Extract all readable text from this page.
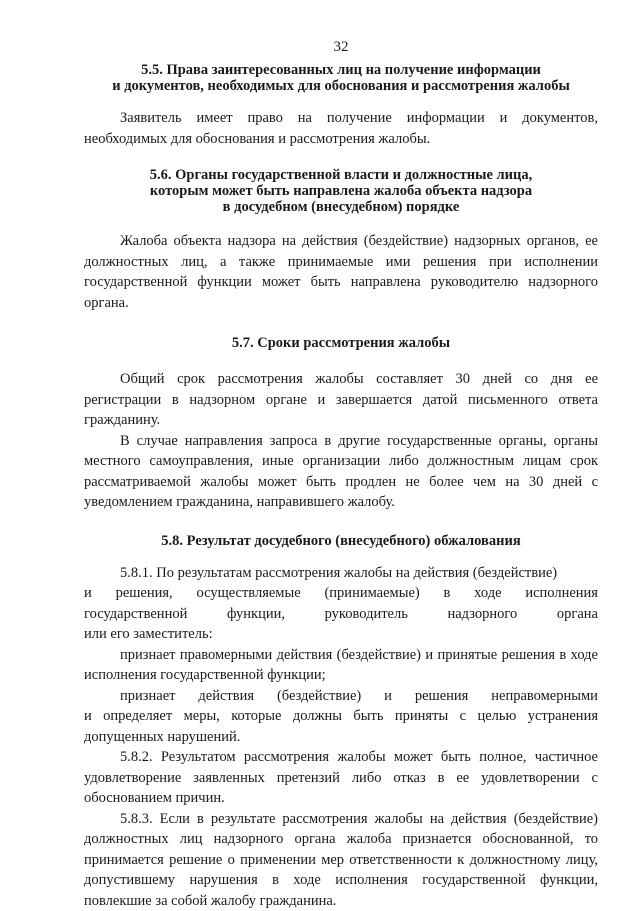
32
5.5. Права заинтересованных лиц на получение информации
и документов, необходимых для обоснования и рассмотрения жалобы

Заявитель имеет право на получение информации и документов, необходимых для обоснования и рассмотрения жалобы.

5.6. Органы государственной власти и должностные лица,
которым может быть направлена жалоба объекта надзора
в досудебном (внесудебном) порядке

Жалоба объекта надзора на действия (бездействие) надзорных органов, ее должностных лиц, а также принимаемые ими решения при исполнении государственной функции может быть направлена руководителю надзорного органа.

5.7. Сроки рассмотрения жалобы

Общий срок рассмотрения жалобы составляет 30 дней со дня ее регистрации в надзорном органе и завершается датой письменного ответа гражданину.

В случае направления запроса в другие государственные органы, органы местного самоуправления, иные организации либо должностным лицам срок рассматриваемой жалобы может быть продлен не более чем на 30 дней с уведомлением гражданина, направившего жалобу.

5.8. Результат досудебного (внесудебного) обжалования

5.8.1. По результатам рассмотрения жалобы на действия (бездействие)

и решения, осуществляемые (принимаемые) в ходе исполнения
государственной	функции,	руководитель	надзорного	органа

или его заместитель:

признает правомерными действия (бездействие) и принятые решения в ходе исполнения государственной функции;

признает действия (бездействие) и решения неправомерными

и определяет меры, которые должны быть приняты с целью устранения допущенных нарушений.

5.8.2. Результатом рассмотрения жалобы может быть полное, частичное удовлетворение заявленных претензий либо отказ в ее удовлетворении с обоснованием причин.

5.8.3. Если в результате рассмотрения жалобы на действия (бездействие) должностных лиц надзорного органа жалоба признается обоснованной, то принимается решение о применении мер ответственности к должностному лицу, допустившему нарушения в ходе исполнения государственной функции, повлекшие за собой жалобу гражданина.
